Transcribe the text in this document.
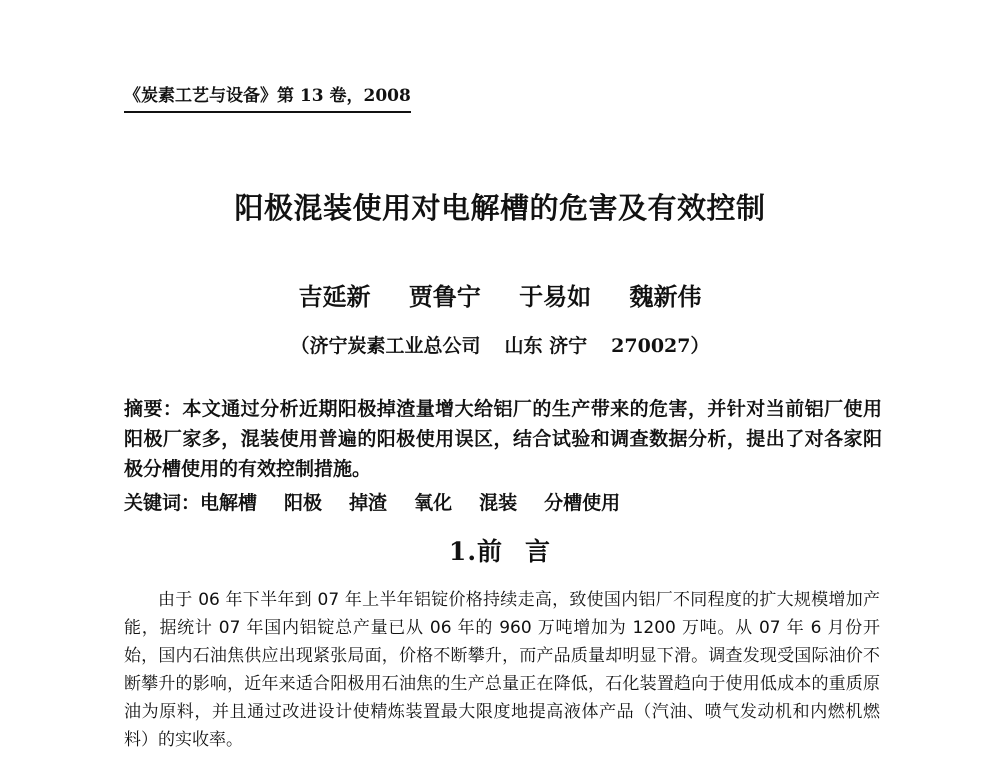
《炭素工艺与设备》第 13 卷，2008
阳极混装使用对电解槽的危害及有效控制
吉延新 贾鲁宁 于易如 魏新伟
（济宁炭素工业总公司 山东 济宁 270027）
摘要：本文通过分析近期阳极掉渣量增大给铝厂的生产带来的危害，并针对当前铝厂使用阳极厂家多，混装使用普遍的阳极使用误区，结合试验和调查数据分析，提出了对各家阳极分槽使用的有效控制措施。
关键词：电解槽 阳极 掉渣 氧化 混装 分槽使用
1.前 言
由于 06 年下半年到 07 年上半年铝锭价格持续走高，致使国内铝厂不同程度的扩大规模增加产能，据统计 07 年国内铝锭总产量已从 06 年的 960 万吨增加为 1200 万吨。从 07 年 6 月份开始，国内石油焦供应出现紧张局面，价格不断攀升，而产品质量却明显下滑。调查发现受国际油价不断攀升的影响，近年来适合阳极用石油焦的生产总量正在降低，石化装置趋向于使用低成本的重质原油为原料，并且通过改进设计使精炼装置最大限度地提高液体产品（汽油、喷气发动机和内燃机燃料）的实收率。
